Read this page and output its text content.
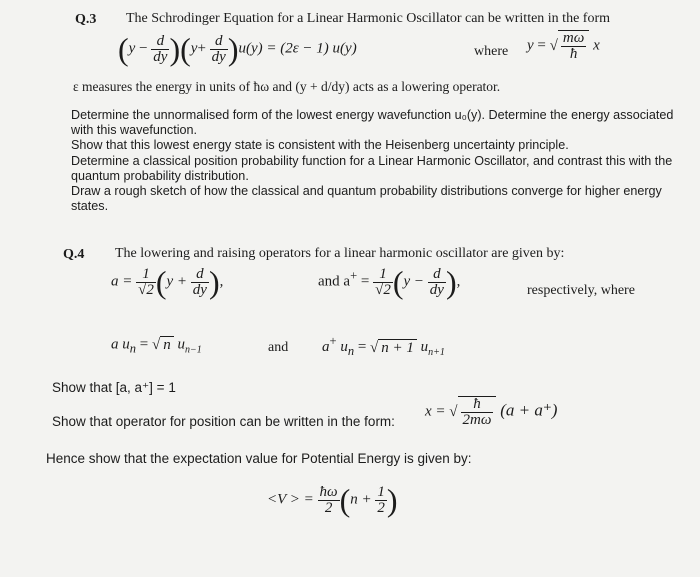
Q.3 The Schrodinger Equation for a Linear Harmonic Oscillator can be written in the form
$(y - \frac{d}{dy} )(y+ \frac{d}{dy} )u(y) = (2\varepsilon - 1)$ u(y)	where y = √ $\frac{m\omega}{ħ}$ x
ε measures the energy in units of ħω and (y + d/dy) acts as a lowering operator.
Determine the unnormalised form of the lowest energy wavefunction u₀(y). Determine the energy associated with this wavefunction.
Show that this lowest energy state is consistent with the Heisenberg uncertainty principle.
Determine a classical position probability function for a Linear Harmonic Oscillator, and contrast this with the quantum probability distribution.
Draw a rough sketch of how the classical and quantum probability distributions converge for higher energy states.
Q.4 The lowering and raising operators for a linear harmonic oscillator are given by:
$a = \frac{1}{√2} (y + \frac{d}{dy}$ ),	and $a^+ = \frac{1}{√2} (y - \frac{d}{dy}$ ),
respectively, where
a $u_n$ = √ n $u_{n-1}$	and a+ $u_n$ = √ n + 1 $u_{n+1}$
Show that [a, a⁺] = 1
Show that operator for position can be written in the form:
x = √ $\frac{ħ}{2m\omega} (a + a^+)$
Hence show that the expectation value for Potential Energy is given by:
<V > = $\frac{ħ\omega}{2} (n + \frac{1}{2}$ )
